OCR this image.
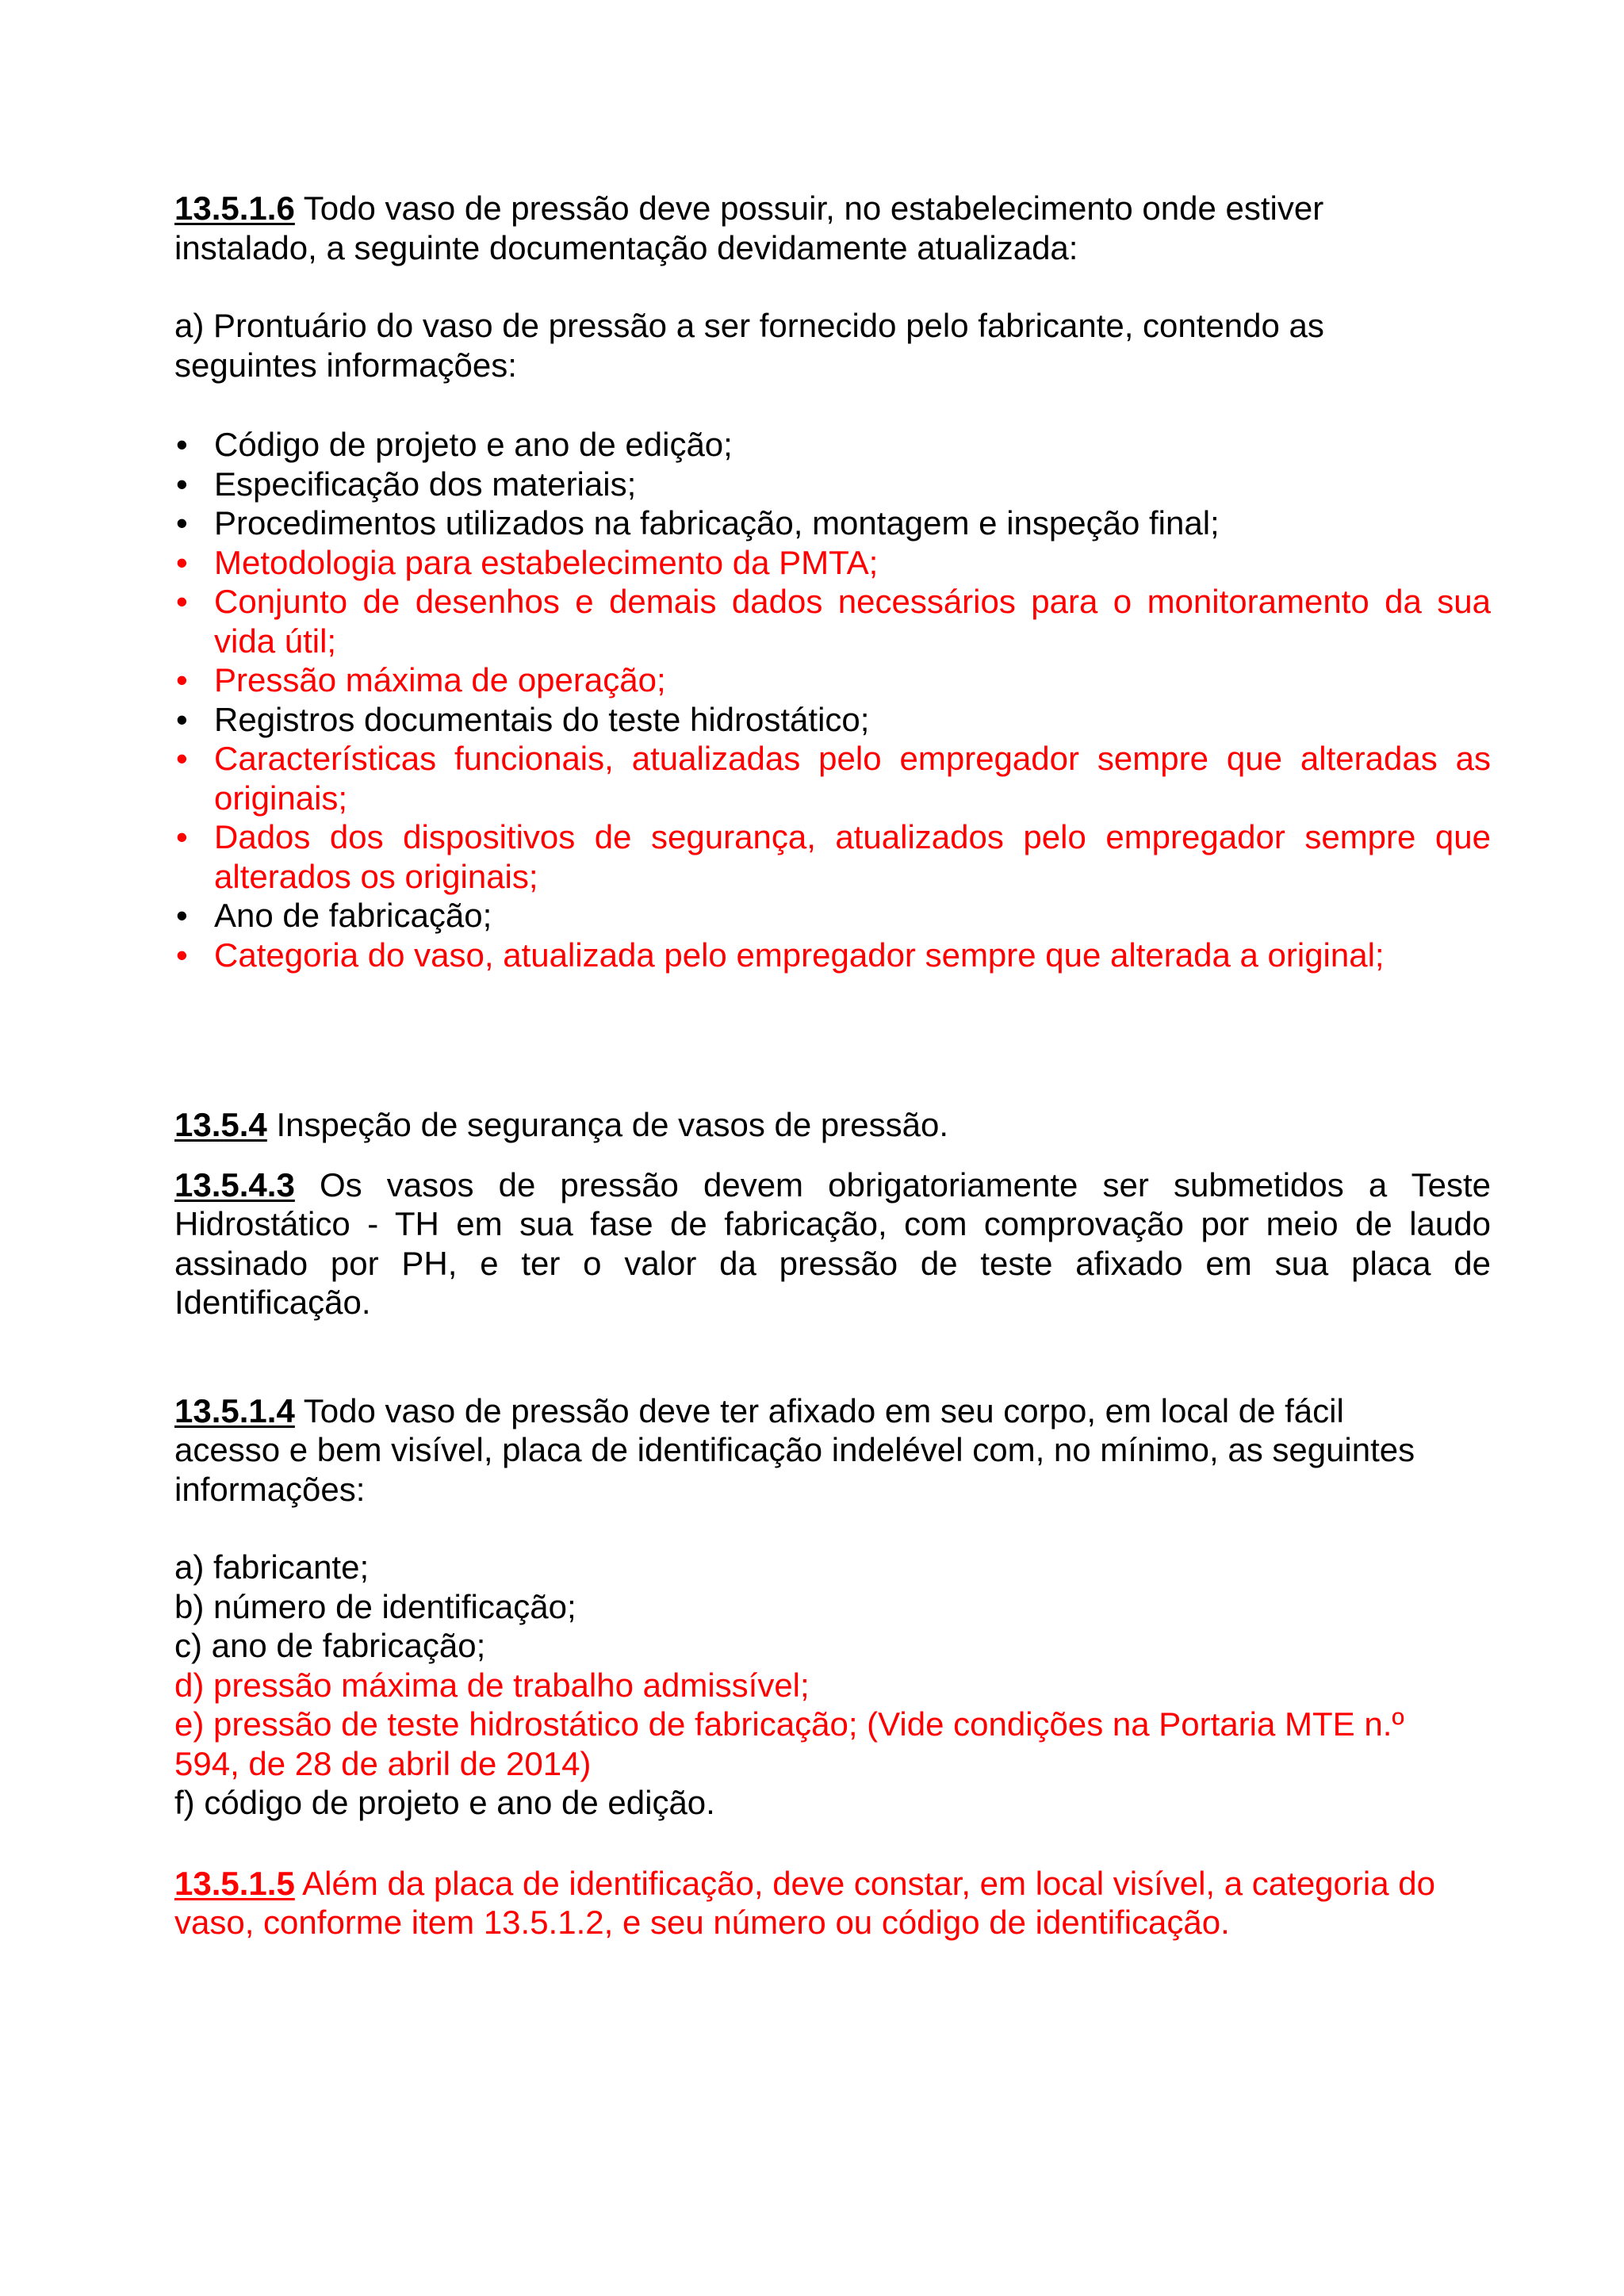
13.5.1.6 Todo vaso de pressão deve possuir, no estabelecimento onde estiver

instalado, a seguinte documentação devidamente atualizada:

a) Prontuário do vaso de pressão a ser fornecido pelo fabricante, contendo as

seguintes informações:

• Código de projeto e ano de edição;
• Especificação dos materiais;
• Procedimentos utilizados na fabricação, montagem e inspeção final;
• Metodologia para estabelecimento da PMTA;
• Conjunto de desenhos e demais dados necessários para o monitoramento da sua vida útil;
• Pressão máxima de operação;
• Registros documentais do teste hidrostático;
• Características funcionais, atualizadas pelo empregador sempre que alteradas as originais;
• Dados dos dispositivos de segurança, atualizados pelo empregador sempre que alterados os originais;
• Ano de fabricação;
• Categoria do vaso, atualizada pelo empregador sempre que alterada a original;

13.5.4 Inspeção de segurança de vasos de pressão.

13.5.4.3 Os vasos de pressão devem obrigatoriamente ser submetidos a Teste Hidrostático - TH em sua fase de fabricação, com comprovação por meio de laudo assinado por PH, e ter o valor da pressão de teste afixado em sua placa de Identificação.

13.5.1.4 Todo vaso de pressão deve ter afixado em seu corpo, em local de fácil

acesso e bem visível, placa de identificação indelével com, no mínimo, as seguintes

informações:

a) fabricante;
b) número de identificação;
c) ano de fabricação;
d) pressão máxima de trabalho admissível;
e) pressão de teste hidrostático de fabricação; (Vide condições na Portaria MTE n.º
594, de 28 de abril de 2014)
f) código de projeto e ano de edição.

13.5.1.5 Além da placa de identificação, deve constar, em local visível, a categoria do

vaso, conforme item 13.5.1.2, e seu número ou código de identificação.
